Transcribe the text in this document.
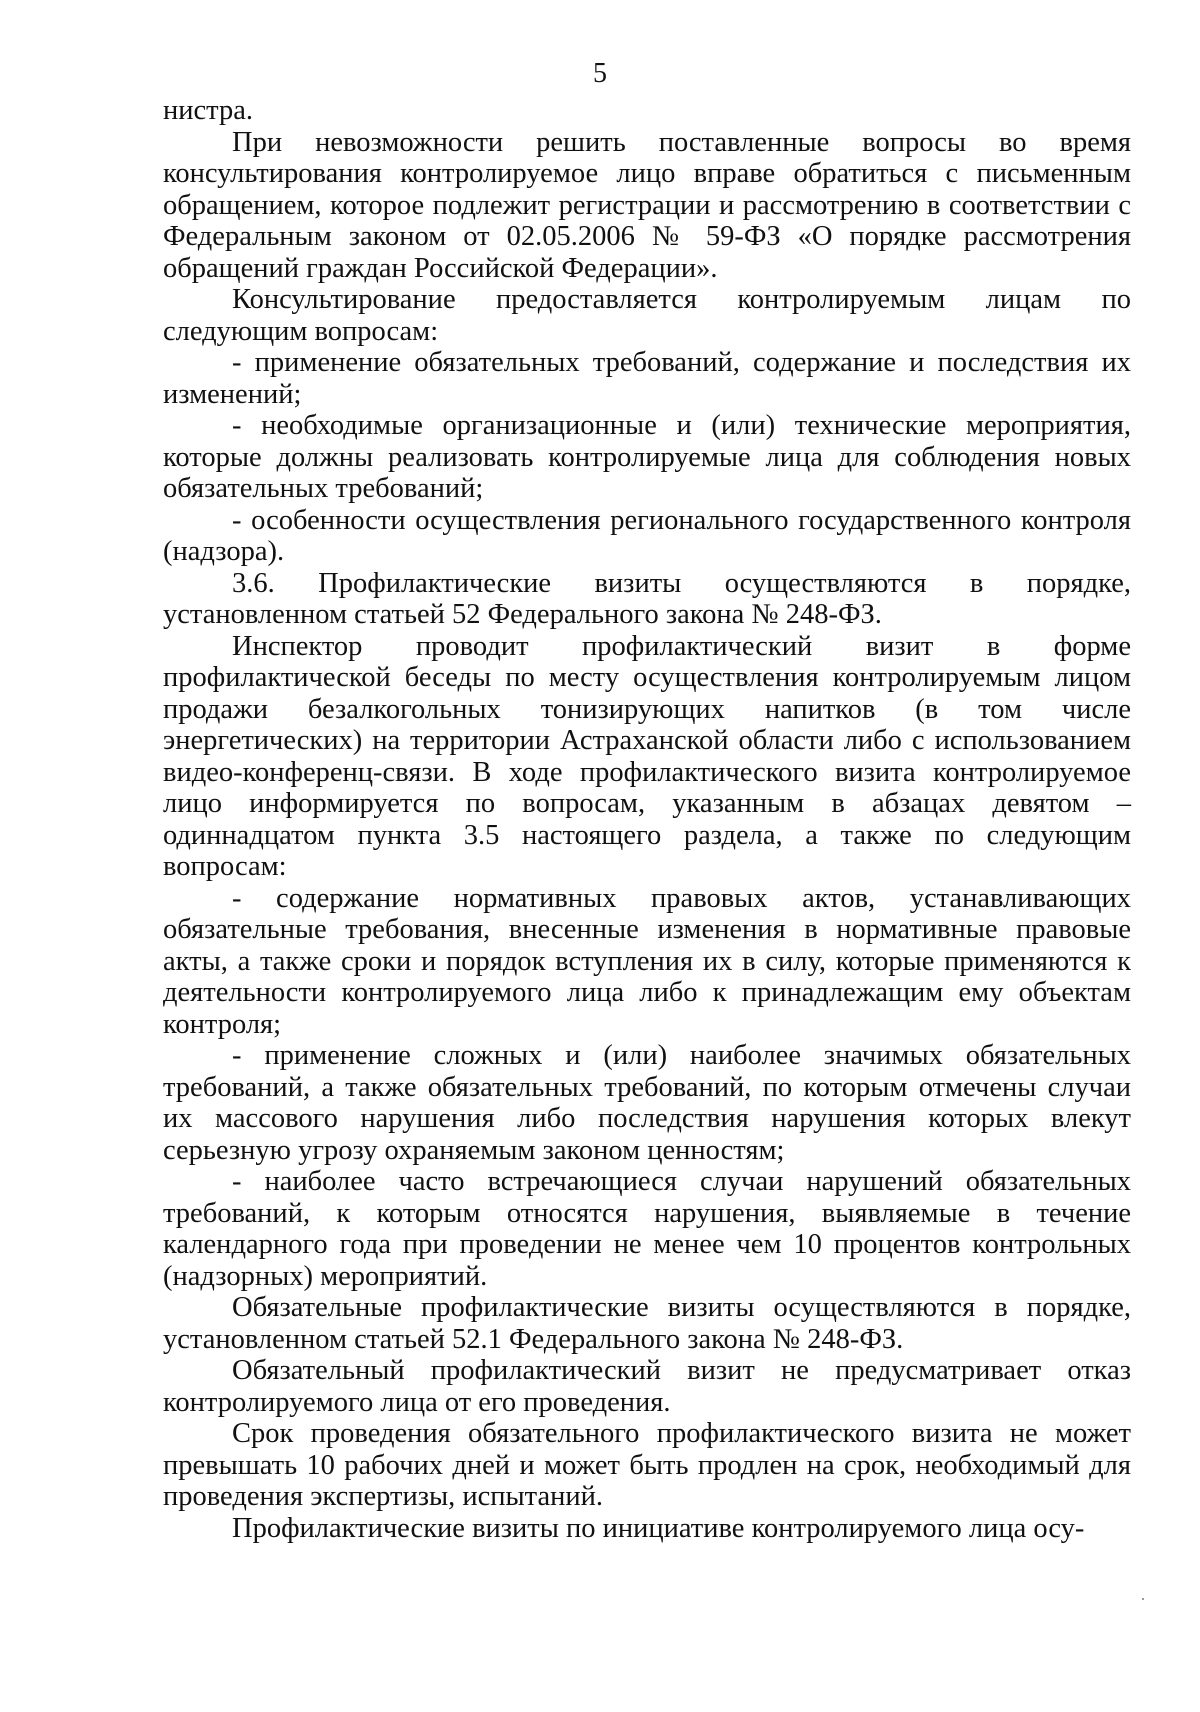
5

нистра.

При невозможности решить поставленные вопросы во время консультирования контролируемое лицо вправе обратиться с письменным обращением, которое подлежит регистрации и рассмотрению в соответствии с Федеральным законом от 02.05.2006 № 59-ФЗ «О порядке рассмотрения обращений граждан Российской Федерации».

Консультирование предоставляется контролируемым лицам по следующим вопросам:

- применение обязательных требований, содержание и последствия их изменений;

- необходимые организационные и (или) технические мероприятия, которые должны реализовать контролируемые лица для соблюдения новых обязательных требований;

- особенности осуществления регионального государственного контроля (надзора).

3.6. Профилактические визиты осуществляются в порядке, установленном статьей 52 Федерального закона № 248-ФЗ.

Инспектор проводит профилактический визит в форме профилактической беседы по месту осуществления контролируемым лицом продажи безалкогольных тонизирующих напитков (в том числе энергетических) на территории Астраханской области либо с использованием видео-конференц-связи. В ходе профилактического визита контролируемое лицо информируется по вопросам, указанным в абзацах девятом – одиннадцатом пункта 3.5 настоящего раздела, а также по следующим вопросам:

- содержание нормативных правовых актов, устанавливающих обязательные требования, внесенные изменения в нормативные правовые акты, а также сроки и порядок вступления их в силу, которые применяются к деятельности контролируемого лица либо к принадлежащим ему объектам контроля;

- применение сложных и (или) наиболее значимых обязательных требований, а также обязательных требований, по которым отмечены случаи их массового нарушения либо последствия нарушения которых влекут серьезную угрозу охраняемым законом ценностям;

- наиболее часто встречающиеся случаи нарушений обязательных требований, к которым относятся нарушения, выявляемые в течение календарного года при проведении не менее чем 10 процентов контрольных (надзорных) мероприятий.

Обязательные профилактические визиты осуществляются в порядке, установленном статьей 52.1 Федерального закона № 248-ФЗ.

Обязательный профилактический визит не предусматривает отказ контролируемого лица от его проведения.

Срок проведения обязательного профилактического визита не может превышать 10 рабочих дней и может быть продлен на срок, необходимый для проведения экспертизы, испытаний.

Профилактические визиты по инициативе контролируемого лица осу-
